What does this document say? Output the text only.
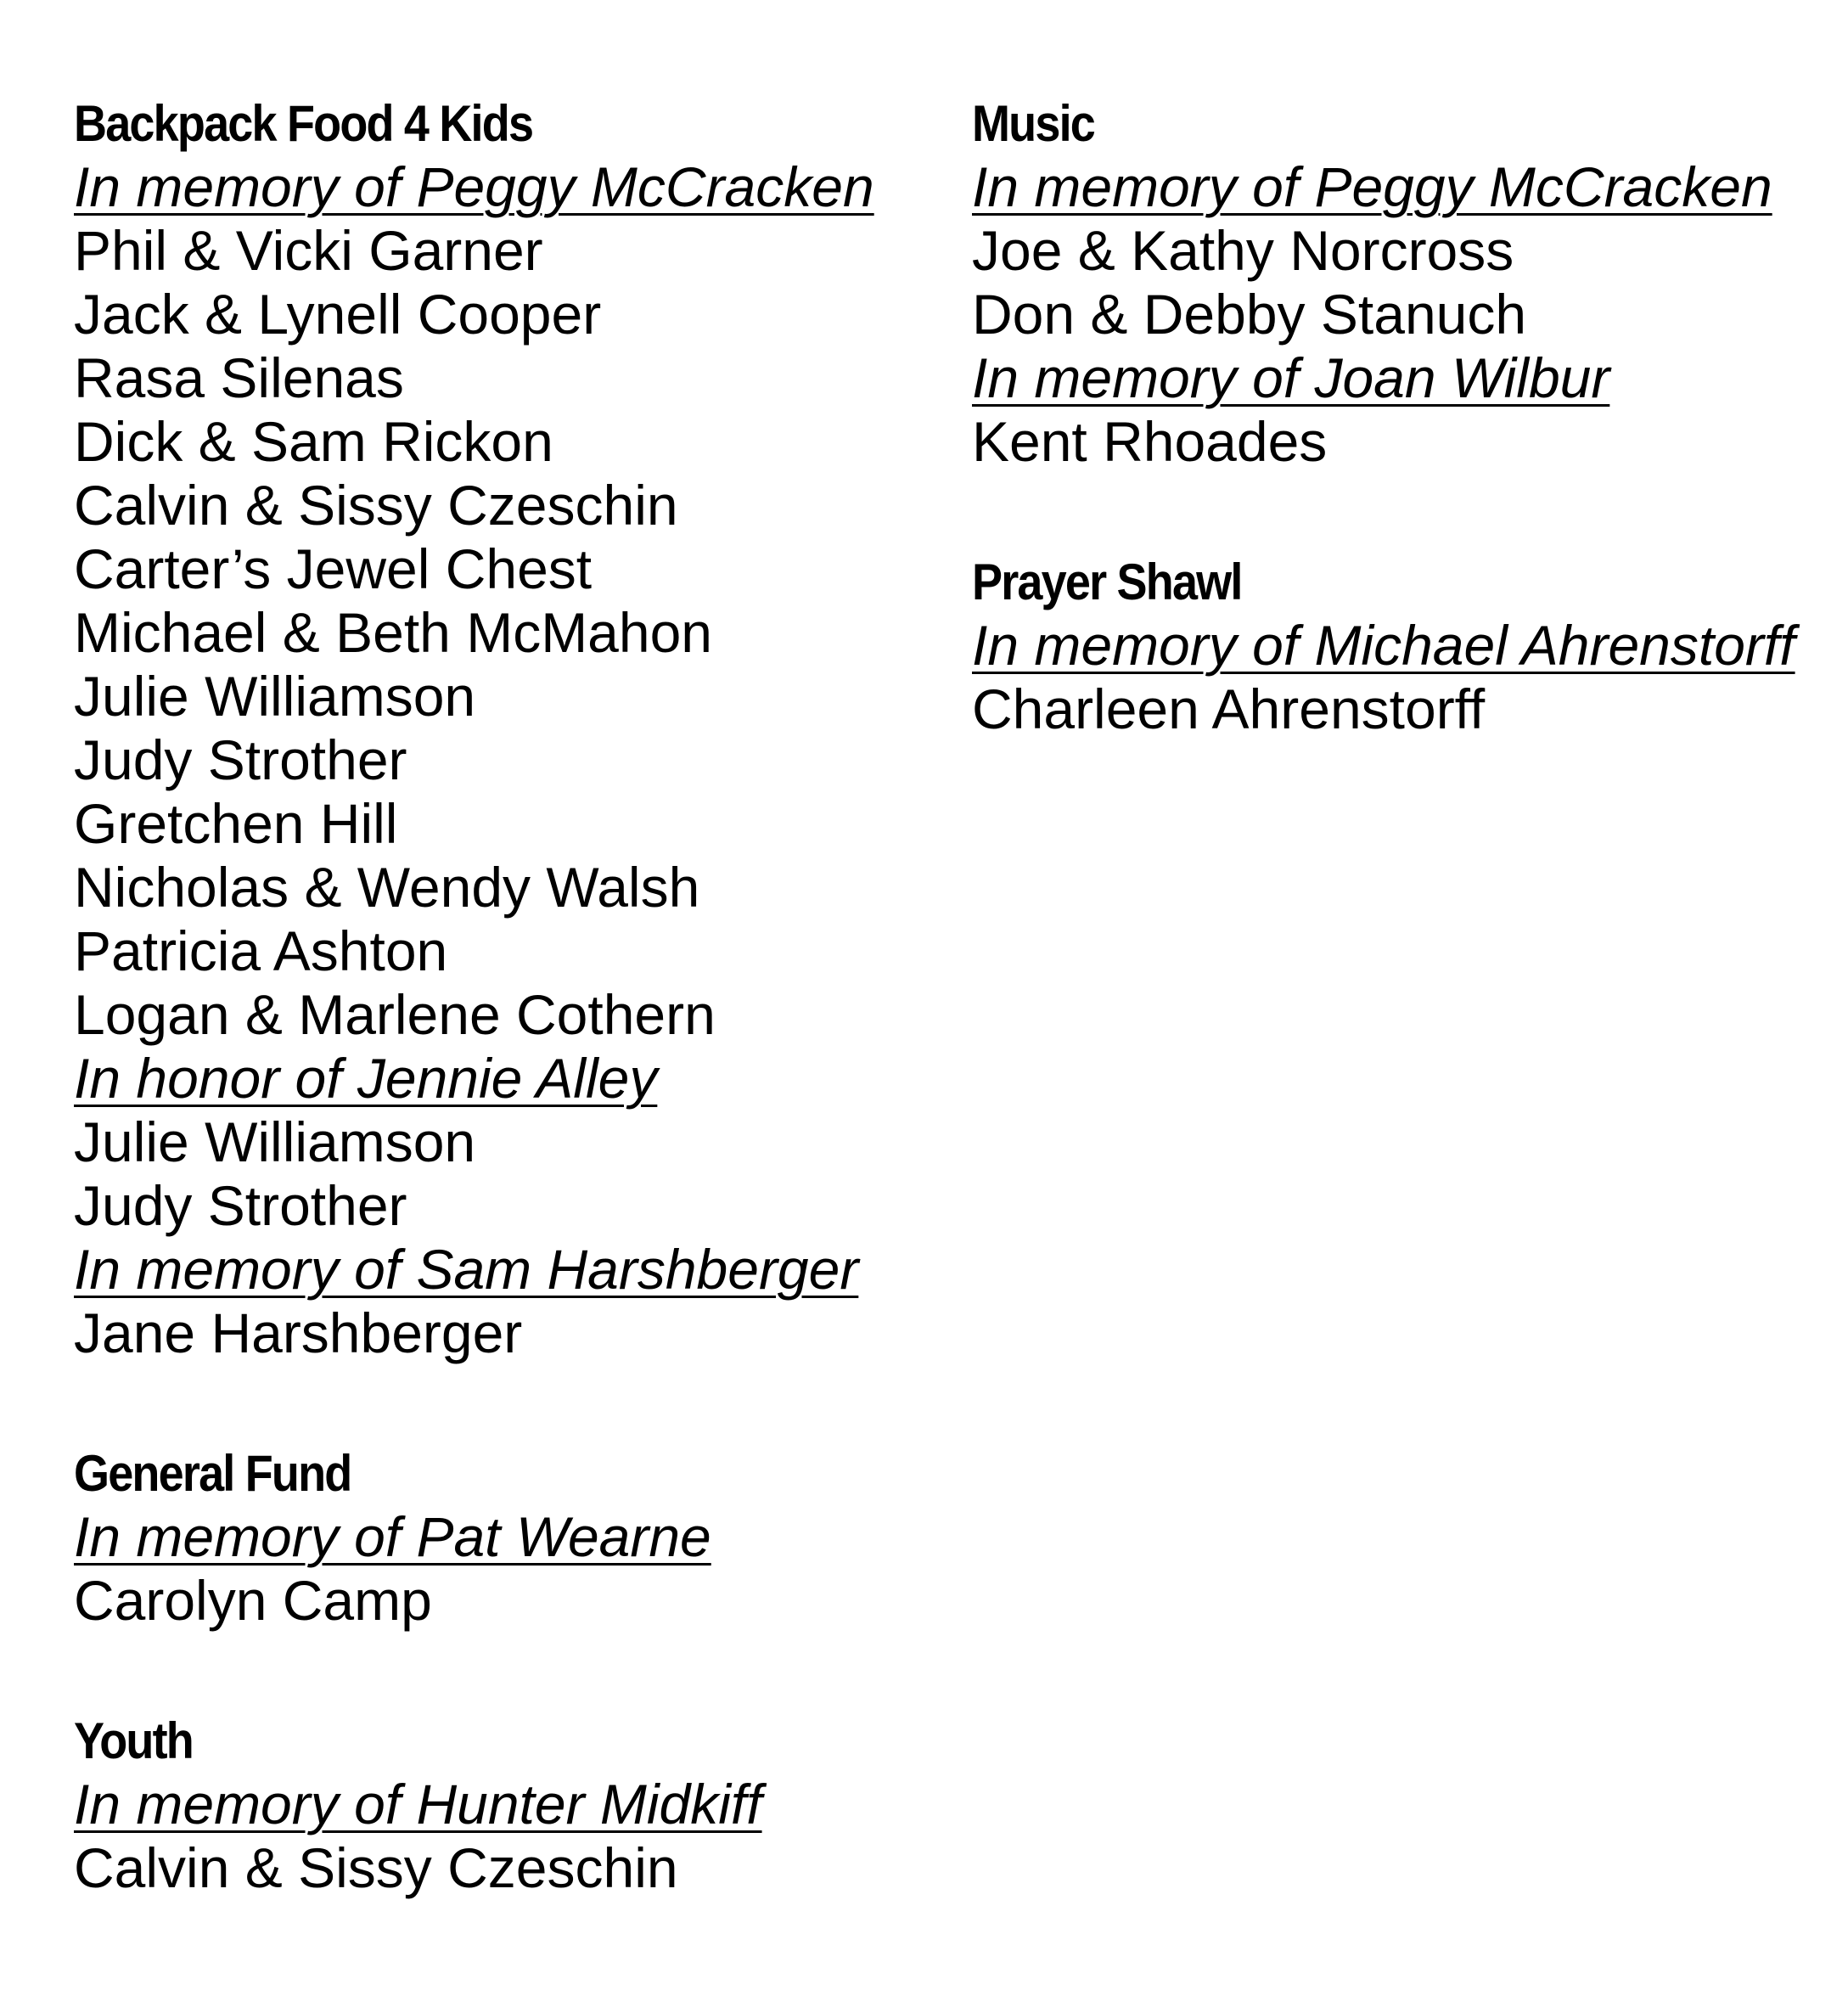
Backpack Food 4 Kids
In memory of Peggy McCracken
Phil & Vicki Garner
Jack & Lynell Cooper
Rasa Silenas
Dick & Sam Rickon
Calvin & Sissy Czeschin
Carter’s Jewel Chest
Michael & Beth McMahon
Julie Williamson
Judy Strother
Gretchen Hill
Nicholas & Wendy Walsh
Patricia Ashton
Logan & Marlene Cothern
In honor of Jennie Alley
Julie Williamson
Judy Strother
In memory of Sam Harshberger
Jane Harshberger
General Fund
In memory of Pat Wearne
Carolyn Camp
Youth
In memory of Hunter Midkiff
Calvin & Sissy Czeschin
Music
In memory of Peggy McCracken
Joe & Kathy Norcross
Don & Debby Stanuch
In memory of Joan Wilbur
Kent Rhoades
Prayer Shawl
In memory of Michael Ahrenstorff
Charleen Ahrenstorff
